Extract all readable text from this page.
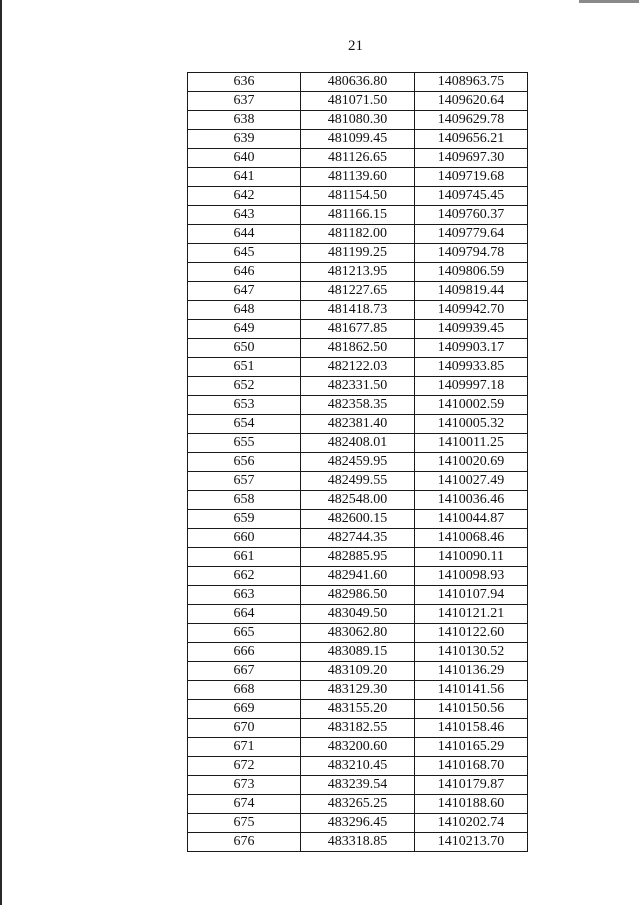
21
636	480636.80	1408963.75
637	481071.50	1409620.64
638	481080.30	1409629.78
639	481099.45	1409656.21
640	481126.65	1409697.30
641	481139.60	1409719.68
642	481154.50	1409745.45
643	481166.15	1409760.37
644	481182.00	1409779.64
645	481199.25	1409794.78
646	481213.95	1409806.59
647	481227.65	1409819.44
648	481418.73	1409942.70
649	481677.85	1409939.45
650	481862.50	1409903.17
651	482122.03	1409933.85
652	482331.50	1409997.18
653	482358.35	1410002.59
654	482381.40	1410005.32
655	482408.01	1410011.25
656	482459.95	1410020.69
657	482499.55	1410027.49
658	482548.00	1410036.46
659	482600.15	1410044.87
660	482744.35	1410068.46
661	482885.95	1410090.11
662	482941.60	1410098.93
663	482986.50	1410107.94
664	483049.50	1410121.21
665	483062.80	1410122.60
666	483089.15	1410130.52
667	483109.20	1410136.29
668	483129.30	1410141.56
669	483155.20	1410150.56
670	483182.55	1410158.46
671	483200.60	1410165.29
672	483210.45	1410168.70
673	483239.54	1410179.87
674	483265.25	1410188.60
675	483296.45	1410202.74
676	483318.85	1410213.70
